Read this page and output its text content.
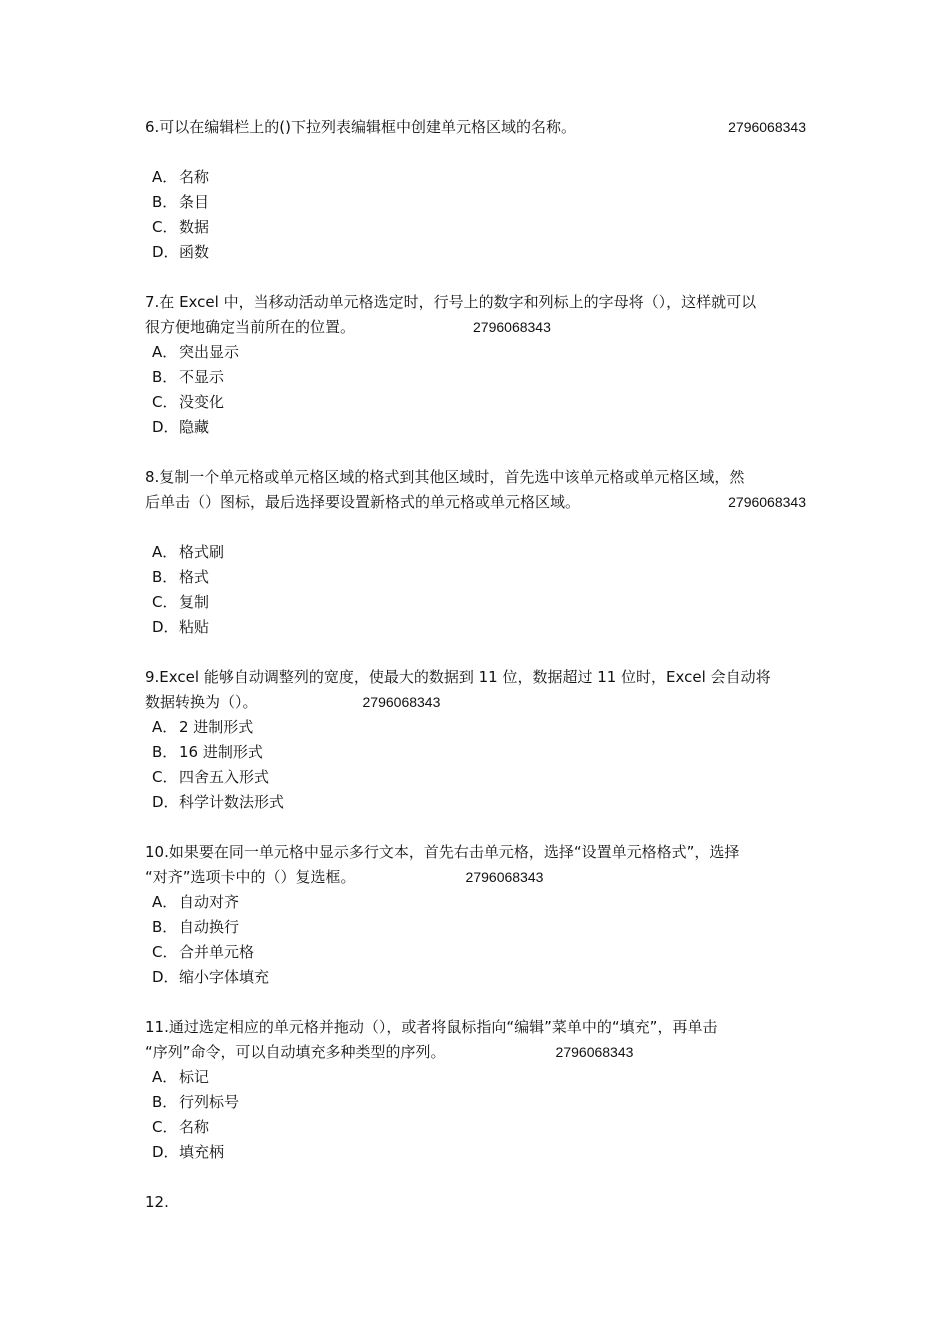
6.可以在编辑栏上的()下拉列表编辑框中创建单元格区域的名称。	2796068343
A． 名称
B． 条目
C． 数据
D．函数
7.在 Excel 中，当移动活动单元格选定时，行号上的数字和列标上的字母将（），这样就可以
很方便地确定当前所在的位置。	2796068343
A． 突出显示
B． 不显示
C． 没变化
D．隐藏
8.复制一个单元格或单元格区域的格式到其他区域时，首先选中该单元格或单元格区域，然
后单击（）图标，最后选择要设置新格式的单元格或单元格区域。	2796068343
A． 格式刷
B． 格式
C． 复制
D．粘贴
9.Excel 能够自动调整列的宽度，使最大的数据到 11 位，数据超过 11 位时，Excel 会自动将
数据转换为（）。	2796068343
A． 2 进制形式
B． 16 进制形式
C． 四舍五入形式
D．科学计数法形式
10.如果要在同一单元格中显示多行文本，首先右击单元格，选择“设置单元格格式”，选择
“对齐”选项卡中的（）复选框。	2796068343
A． 自动对齐
B． 自动换行
C． 合并单元格
D．缩小字体填充
11.通过选定相应的单元格并拖动（），或者将鼠标指向“编辑”菜单中的“填充”，再单击
“序列”命令，可以自动填充多种类型的序列。	2796068343
A． 标记
B． 行列标号
C． 名称
D．填充柄
12.
